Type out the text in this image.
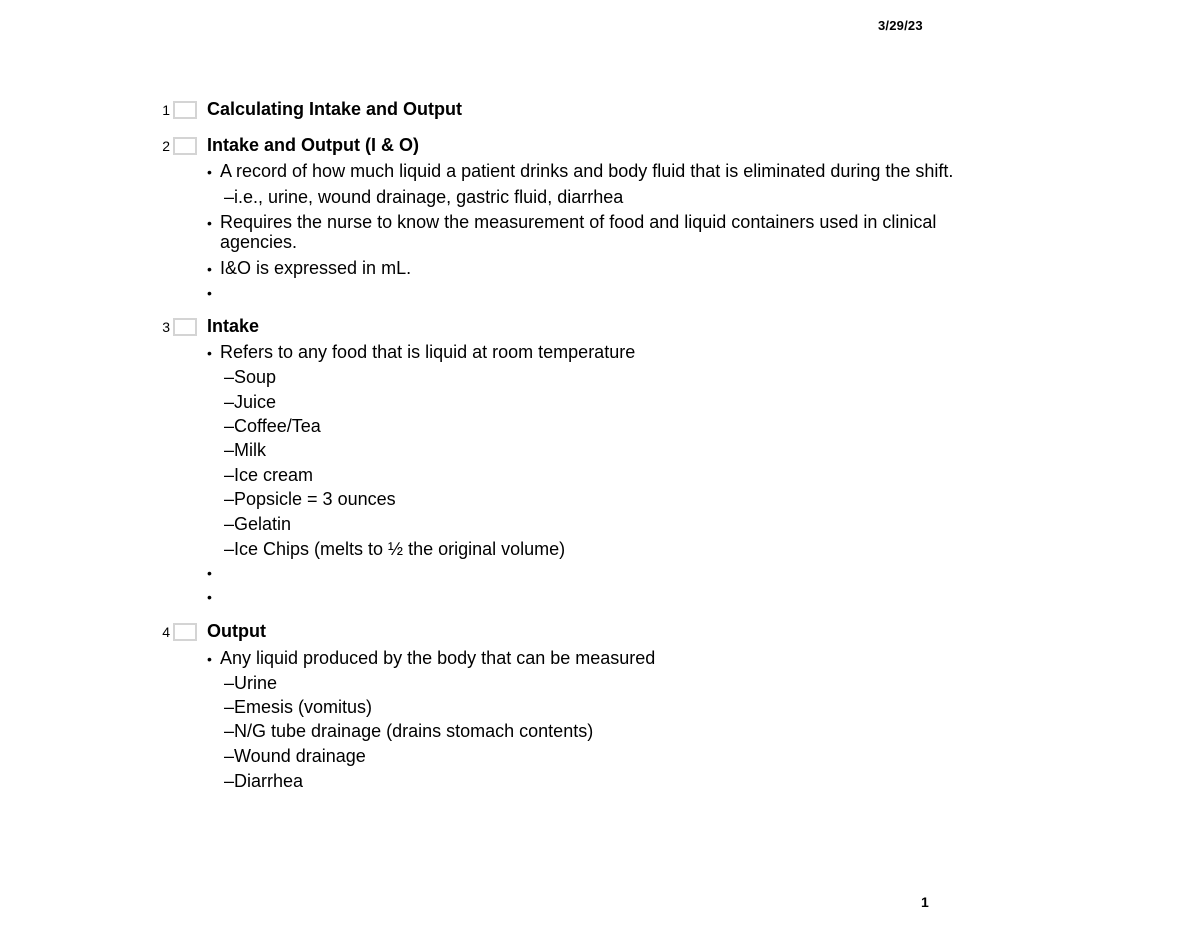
3/29/23
1 Calculating Intake and Output
2 Intake and Output (I & O)
• A record of how much liquid a patient drinks and body fluid that is eliminated during the shift.
–i.e., urine, wound drainage, gastric fluid, diarrhea
• Requires the nurse to know the measurement of food and liquid containers used in clinical
agencies.
• I&O is expressed in mL.
•
3 Intake
• Refers to any food that is liquid at room temperature
–Soup
–Juice
–Coffee/Tea
–Milk
–Ice cream
–Popsicle = 3 ounces
–Gelatin
–Ice Chips (melts to ½ the original volume)
•
•
4 Output
• Any liquid produced by the body that can be measured
–Urine
–Emesis (vomitus)
–N/G tube drainage (drains stomach contents)
–Wound drainage
–Diarrhea
1
